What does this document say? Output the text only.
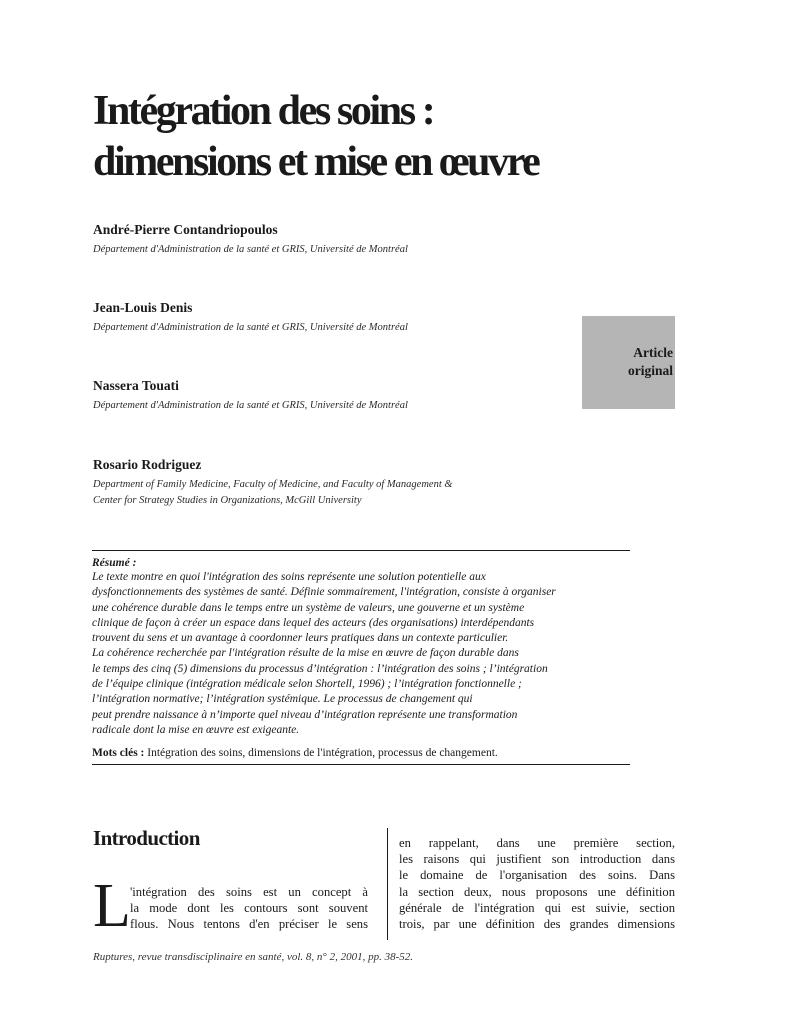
Intégration des soins :
dimensions et mise en œuvre
André-Pierre Contandriopoulos
Département d'Administration de la santé et GRIS, Université de Montréal
Jean-Louis Denis
Département d'Administration de la santé et GRIS, Université de Montréal
Nassera Touati
Département d'Administration de la santé et GRIS, Université de Montréal
Rosario Rodriguez
Department of Family Medicine, Faculty of Medicine, and Faculty of Management &
Center for Strategy Studies in Organizations, McGill University
Article
original
Résumé :
Le texte montre en quoi l'intégration des soins représente une solution potentielle aux
dysfonctionnements des systèmes de santé. Définie sommairement, l'intégration, consiste à organiser
une cohérence durable dans le temps entre un système de valeurs, une gouverne et un système
clinique de façon à créer un espace dans lequel des acteurs (des organisations) interdépendants
trouvent du sens et un avantage à coordonner leurs pratiques dans un contexte particulier.
La cohérence recherchée par l'intégration résulte de la mise en œuvre de façon durable dans
le temps des cinq (5) dimensions du processus d’intégration : l’intégration des soins ; l’intégration
de l’équipe clinique (intégration médicale selon Shortell, 1996) ; l’intégration fonctionnelle ;
l’intégration normative; l’intégration systémique. Le processus de changement qui
peut prendre naissance à n’importe quel niveau d’intégration représente une transformation
radicale dont la mise en œuvre est exigeante.
Mots clés : Intégration des soins, dimensions de l'intégration, processus de changement.
Introduction
L 'intégration des soins est un concept à
la mode dont les contours sont souvent
flous. Nous tentons d'en préciser le sens
en rappelant, dans une première section,
les raisons qui justifient son introduction dans
le domaine de l'organisation des soins. Dans
la section deux, nous proposons une définition
générale de l'intégration qui est suivie, section
trois, par une définition des grandes dimensions
Ruptures, revue transdisciplinaire en santé, vol. 8, n° 2, 2001, pp. 38-52.
